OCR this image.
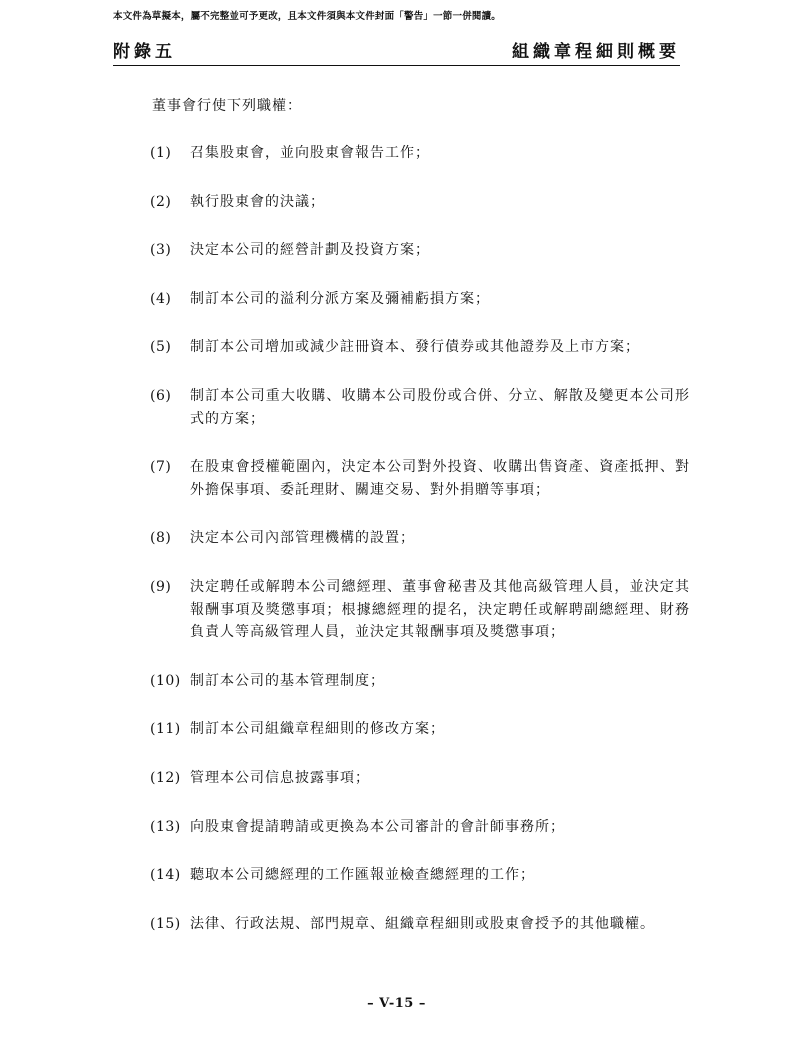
本文件為草擬本，屬不完整並可予更改，且本文件須與本文件封面「警告」一節一併閱讀。
附錄五	組織章程細則概要
董事會行使下列職權：
(1) 召集股東會，並向股東會報告工作；
(2) 執行股東會的決議；
(3) 決定本公司的經營計劃及投資方案；
(4) 制訂本公司的溢利分派方案及彌補虧損方案；
(5) 制訂本公司增加或減少註冊資本、發行債券或其他證券及上市方案；
(6) 制訂本公司重大收購、收購本公司股份或合併、分立、解散及變更本公司形式的方案；
(7) 在股東會授權範圍內，決定本公司對外投資、收購出售資產、資產抵押、對外擔保事項、委託理財、關連交易、對外捐贈等事項；
(8) 決定本公司內部管理機構的設置；
(9) 決定聘任或解聘本公司總經理、董事會秘書及其他高級管理人員，並決定其報酬事項及獎懲事項；根據總經理的提名，決定聘任或解聘副總經理、財務負責人等高級管理人員，並決定其報酬事項及獎懲事項；
(10) 制訂本公司的基本管理制度；
(11) 制訂本公司組織章程細則的修改方案；
(12) 管理本公司信息披露事項；
(13) 向股東會提請聘請或更換為本公司審計的會計師事務所；
(14) 聽取本公司總經理的工作匯報並檢查總經理的工作；
(15) 法律、行政法規、部門規章、組織章程細則或股東會授予的其他職權。
– V-15 –
